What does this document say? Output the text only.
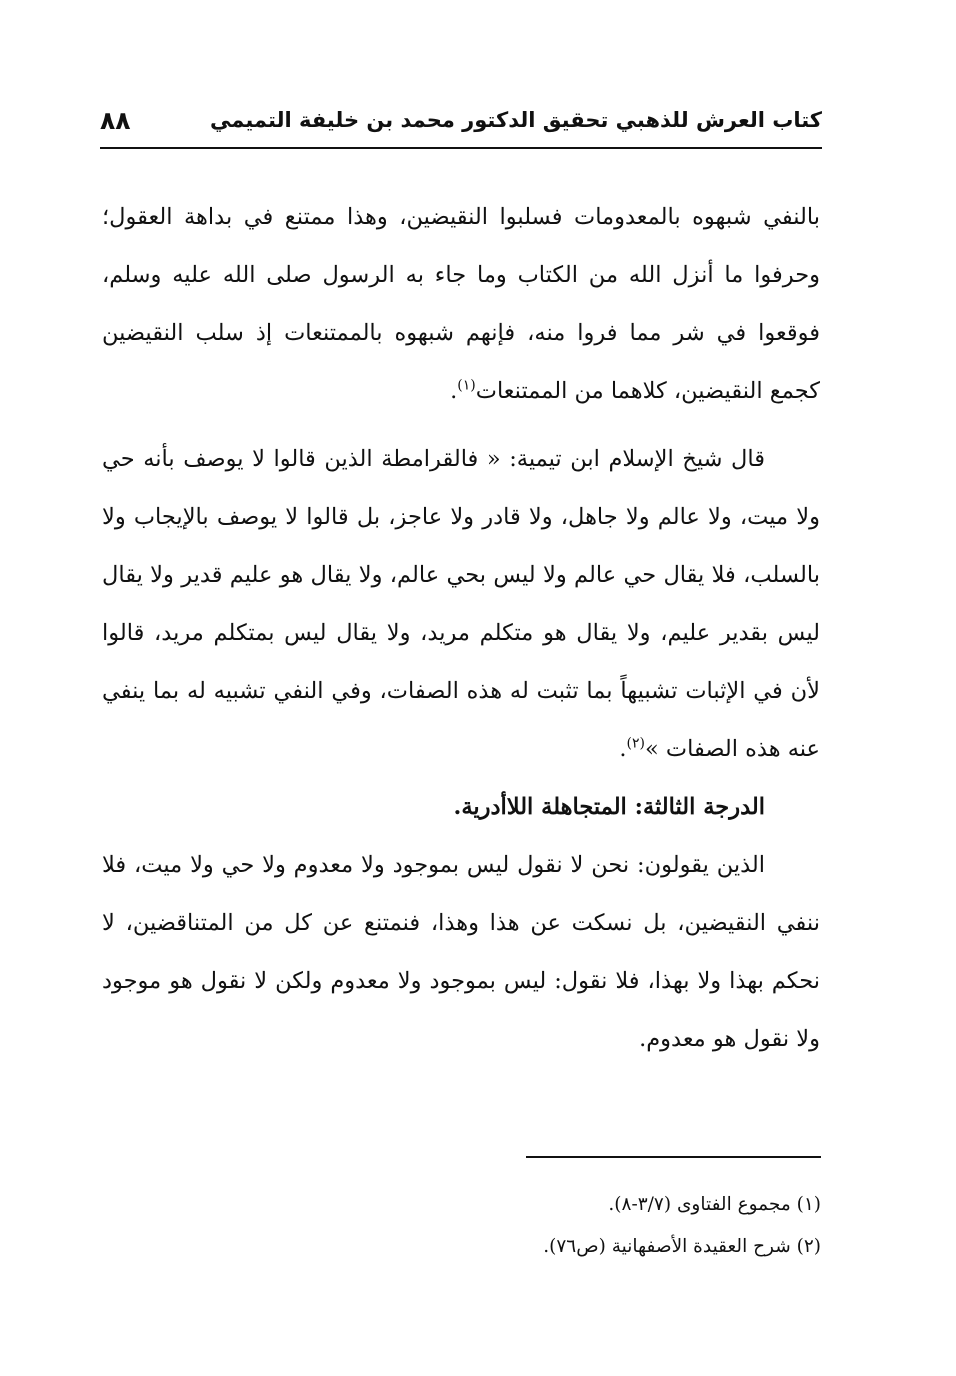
كتاب العرش للذهبي تحقيق الدكتور محمد بن خليفة التميمي
٨٨

بالنفي شبهوه بالمعدومات فسلبوا النقيضين، وهذا ممتنع في بداهة العقول؛ وحرفوا ما أنزل الله من الكتاب وما جاء به الرسول صلى الله عليه وسلم، فوقعوا في شر مما فروا منه، فإنهم شبهوه بالممتنعات إذ سلب النقيضين كجمع النقيضين، كلاهما من الممتنعات$^{(١)}$.

قال شيخ الإسلام ابن تيمية: « فالقرامطة الذين قالوا لا يوصف بأنه حي ولا ميت، ولا عالم ولا جاهل، ولا قادر ولا عاجز، بل قالوا لا يوصف بالإيجاب ولا بالسلب، فلا يقال حي عالم ولا ليس بحي عالم، ولا يقال هو عليم قدير ولا يقال ليس بقدير عليم، ولا يقال هو متكلم مريد، ولا يقال ليس بمتكلم مريد، قالوا لأن في الإثبات تشبيهاً بما تثبت له هذه الصفات، وفي النفي تشبيه له بما ينفي عنه هذه الصفات »$^{(٢)}$.

الدرجة الثالثة: المتجاهلة اللاأدرية.

الذين يقولون: نحن لا نقول ليس بموجود ولا معدوم ولا حي ولا ميت، فلا ننفي النقيضين، بل نسكت عن هذا وهذا، فنمتنع عن كل من المتناقضين، لا نحكم بهذا ولا بهذا، فلا نقول: ليس بموجود ولا معدوم ولكن لا نقول هو موجود ولا نقول هو معدوم.

(١) مجموع الفتاوى (٣/٧-٨).

(٢) شرح العقيدة الأصفهانية (ص٧٦).
